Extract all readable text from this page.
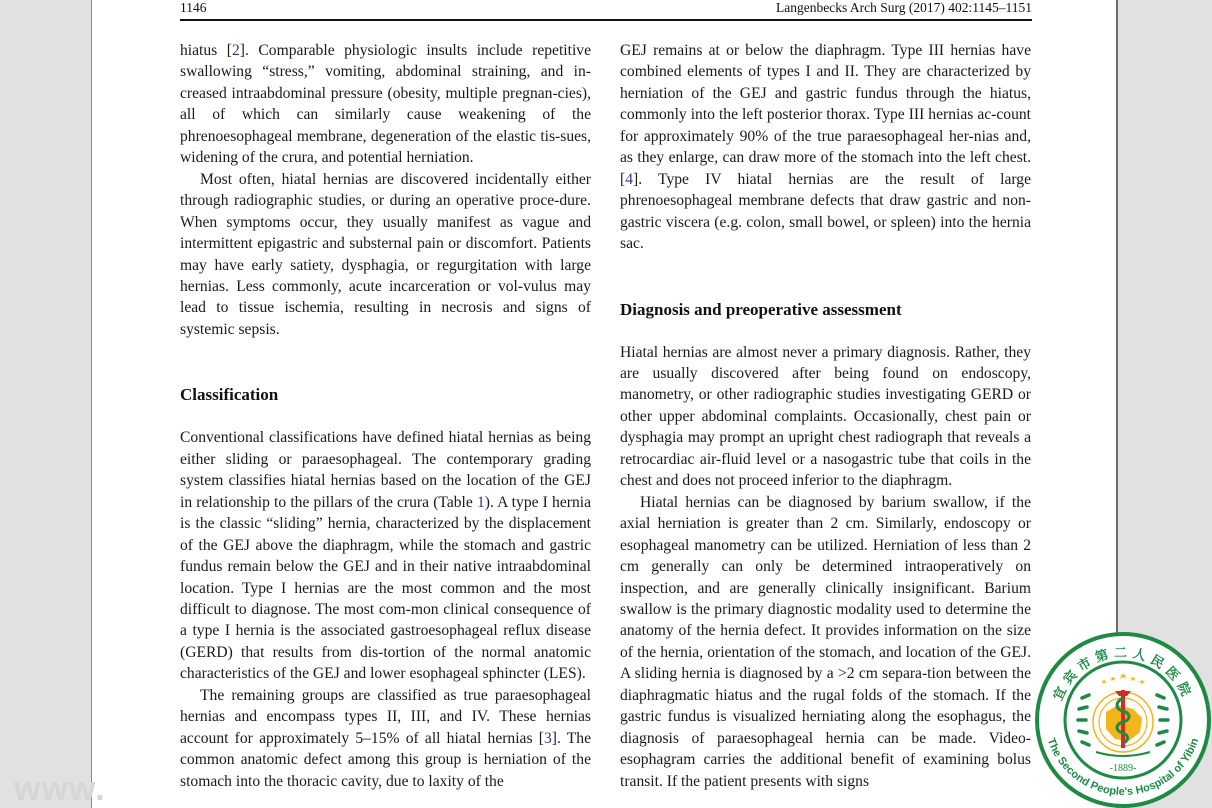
1146	Langenbecks Arch Surg (2017) 402:1145–1151

hiatus [2]. Comparable physiologic insults include repetitive swallowing “stress,” vomiting, abdominal straining, and in-creased intraabdominal pressure (obesity, multiple pregnan-cies), all of which can similarly cause weakening of the phrenoesophageal membrane, degeneration of the elastic tis-sues, widening of the crura, and potential herniation.

Most often, hiatal hernias are discovered incidentally either through radiographic studies, or during an operative proce-dure. When symptoms occur, they usually manifest as vague and intermittent epigastric and substernal pain or discomfort. Patients may have early satiety, dysphagia, or regurgitation with large hernias. Less commonly, acute incarceration or vol-vulus may lead to tissue ischemia, resulting in necrosis and signs of systemic sepsis.

Classification

Conventional classifications have defined hiatal hernias as being either sliding or paraesophageal. The contemporary grading system classifies hiatal hernias based on the location of the GEJ in relationship to the pillars of the crura (Table 1). A type I hernia is the classic “sliding” hernia, characterized by the displacement of the GEJ above the diaphragm, while the stomach and gastric fundus remain below the GEJ and in their native intraabdominal location. Type I hernias are the most common and the most difficult to diagnose. The most com-mon clinical consequence of a type I hernia is the associated gastroesophageal reflux disease (GERD) that results from dis-tortion of the normal anatomic characteristics of the GEJ and lower esophageal sphincter (LES).

The remaining groups are classified as true paraesophageal hernias and encompass types II, III, and IV. These hernias account for approximately 5–15% of all hiatal hernias [3]. The common anatomic defect among this group is herniation of the stomach into the thoracic cavity, due to laxity of the

GEJ remains at or below the diaphragm. Type III hernias have combined elements of types I and II. They are characterized by herniation of the GEJ and gastric fundus through the hiatus, commonly into the left posterior thorax. Type III hernias ac-count for approximately 90% of the true paraesophageal her-nias and, as they enlarge, can draw more of the stomach into the left chest. [4]. Type IV hiatal hernias are the result of large phrenoesophageal membrane defects that draw gastric and non-gastric viscera (e.g. colon, small bowel, or spleen) into the hernia sac.

Diagnosis and preoperative assessment

Hiatal hernias are almost never a primary diagnosis. Rather, they are usually discovered after being found on endoscopy, manometry, or other radiographic studies investigating GERD or other upper abdominal complaints. Occasionally, chest pain or dysphagia may prompt an upright chest radiograph that reveals a retrocardiac air-fluid level or a nasogastric tube that coils in the chest and does not proceed inferior to the diaphragm.

Hiatal hernias can be diagnosed by barium swallow, if the axial herniation is greater than 2 cm. Similarly, endoscopy or esophageal manometry can be utilized. Herniation of less than 2 cm generally can only be determined intraoperatively on inspection, and are generally clinically insignificant. Barium swallow is the primary diagnostic modality used to determine the anatomy of the hernia defect. It provides information on the size of the hernia, orientation of the stomach, and location of the GEJ. A sliding hernia is diagnosed by a >2 cm separa-tion between the diaphragmatic hiatus and the rugal folds of the stomach. If the gastric fundus is visualized herniating along the esophagus, the diagnosis of paraesophageal hernia can be made. Video-esophagram carries the additional benefit of examining bolus transit. If the patient presents with signs

www.
宜宾市第二人民医院
The Second People's Hospital of Yibin
-1889-
